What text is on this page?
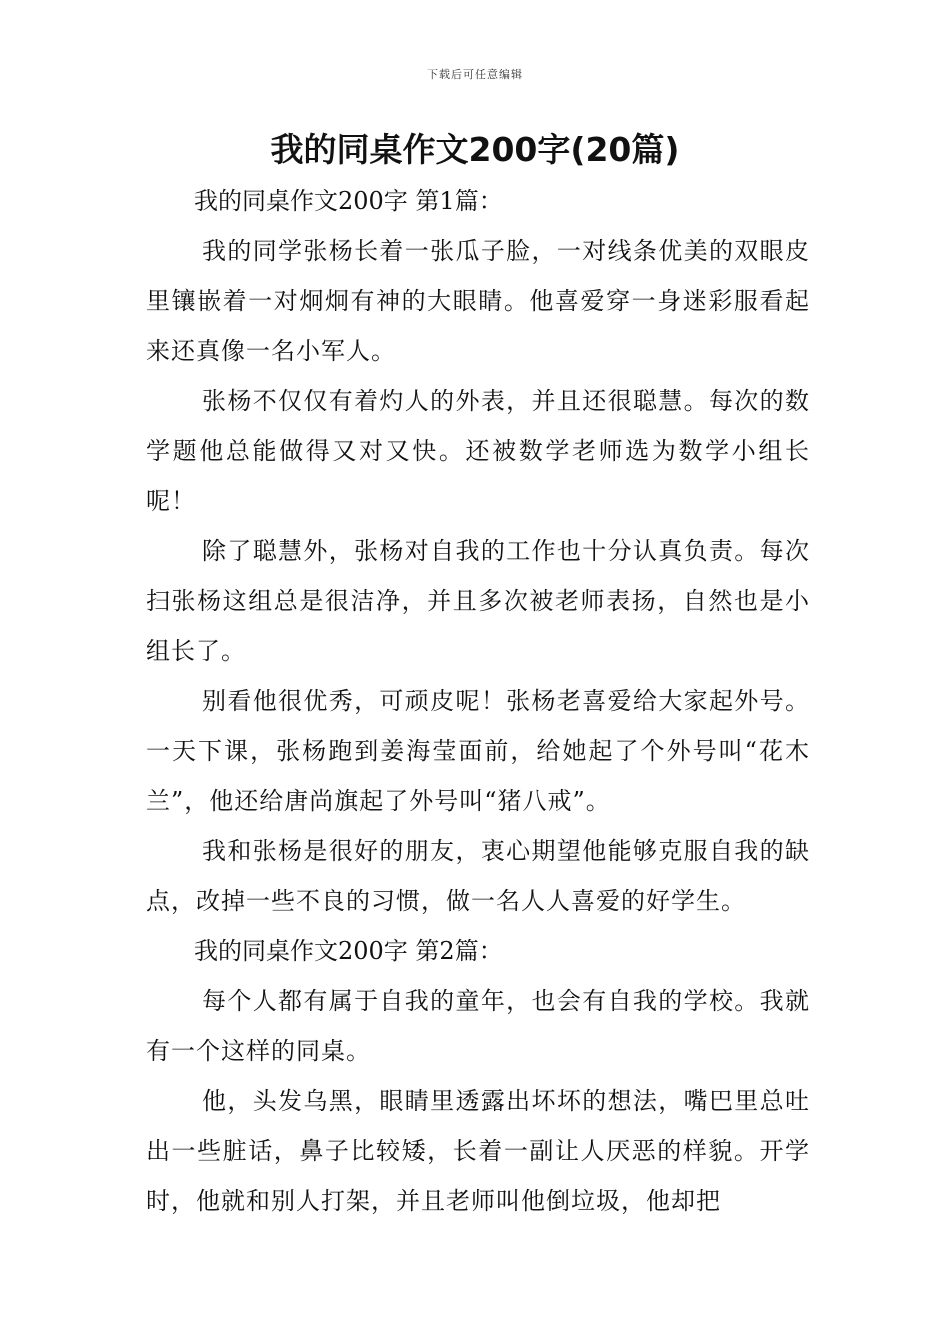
下载后可任意编辑
我的同桌作文200字(20篇)

我的同桌作文200字 第1篇：

我的同学张杨长着一张瓜子脸，一对线条优美的双眼皮里镶嵌着一对炯炯有神的大眼睛。他喜爱穿一身迷彩服看起来还真像一名小军人。

张杨不仅仅有着灼人的外表，并且还很聪慧。每次的数学题他总能做得又对又快。还被数学老师选为数学小组长呢！

除了聪慧外，张杨对自我的工作也十分认真负责。每次扫张杨这组总是很洁净，并且多次被老师表扬，自然也是小组长了。

别看他很优秀，可顽皮呢！张杨老喜爱给大家起外号。一天下课，张杨跑到姜海莹面前，给她起了个外号叫“花木兰”，他还给唐尚旗起了外号叫“猪八戒”。

我和张杨是很好的朋友，衷心期望他能够克服自我的缺点，改掉一些不良的习惯，做一名人人喜爱的好学生。

我的同桌作文200字 第2篇：

每个人都有属于自我的童年，也会有自我的学校。我就有一个这样的同桌。

他，头发乌黑，眼睛里透露出坏坏的想法，嘴巴里总吐出一些脏话，鼻子比较矮，长着一副让人厌恶的样貌。开学时，他就和别人打架，并且老师叫他倒垃圾，他却把
